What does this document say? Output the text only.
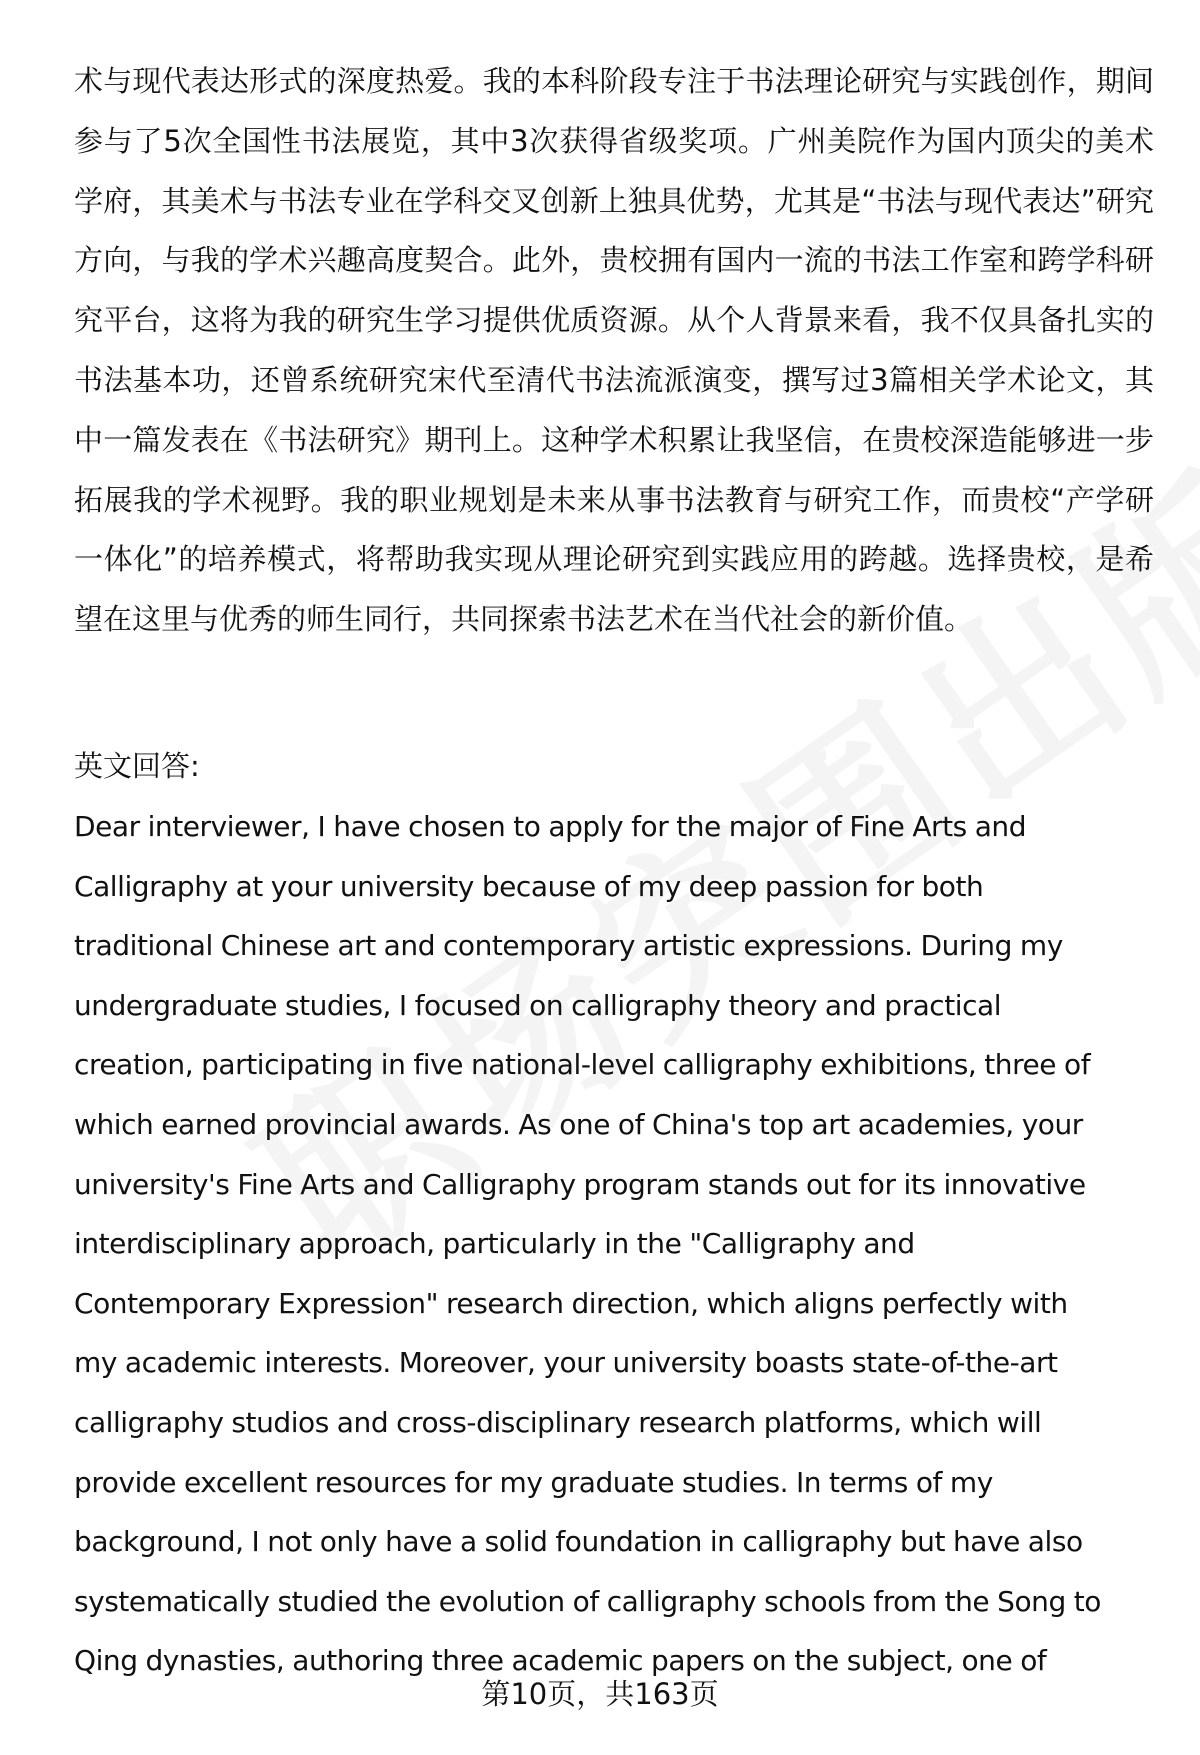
术与现代表达形式的深度热爱。我的本科阶段专注于书法理论研究与实践创作，期间参与了5次全国性书法展览，其中3次获得省级奖项。广州美院作为国内顶尖的美术学府，其美术与书法专业在学科交叉创新上独具优势，尤其是“书法与现代表达”研究方向，与我的学术兴趣高度契合。此外，贵校拥有国内一流的书法工作室和跨学科研究平台，这将为我的研究生学习提供优质资源。从个人背景来看，我不仅具备扎实的书法基本功，还曾系统研究宋代至清代书法流派演变，撰写过3篇相关学术论文，其中一篇发表在《书法研究》期刊上。这种学术积累让我坚信，在贵校深造能够进一步拓展我的学术视野。我的职业规划是未来从事书法教育与研究工作，而贵校“产学研一体化”的培养模式，将帮助我实现从理论研究到实践应用的跨越。选择贵校，是希望在这里与优秀的师生同行，共同探索书法艺术在当代社会的新价值。

英文回答:

Dear interviewer, I have chosen to apply for the major of Fine Arts and
Calligraphy at your university because of my deep passion for both
traditional Chinese art and contemporary artistic expressions. During my
undergraduate studies, I focused on calligraphy theory and practical
creation, participating in five national-level calligraphy exhibitions, three of
which earned provincial awards. As one of China's top art academies, your
university's Fine Arts and Calligraphy program stands out for its innovative
interdisciplinary approach, particularly in the "Calligraphy and
Contemporary Expression" research direction, which aligns perfectly with
my academic interests. Moreover, your university boasts state-of-the-art
calligraphy studios and cross-disciplinary research platforms, which will
provide excellent resources for my graduate studies. In terms of my
background, I not only have a solid foundation in calligraphy but have also
systematically studied the evolution of calligraphy schools from the Song to
Qing dynasties, authoring three academic papers on the subject, one of

第10页，共163页
